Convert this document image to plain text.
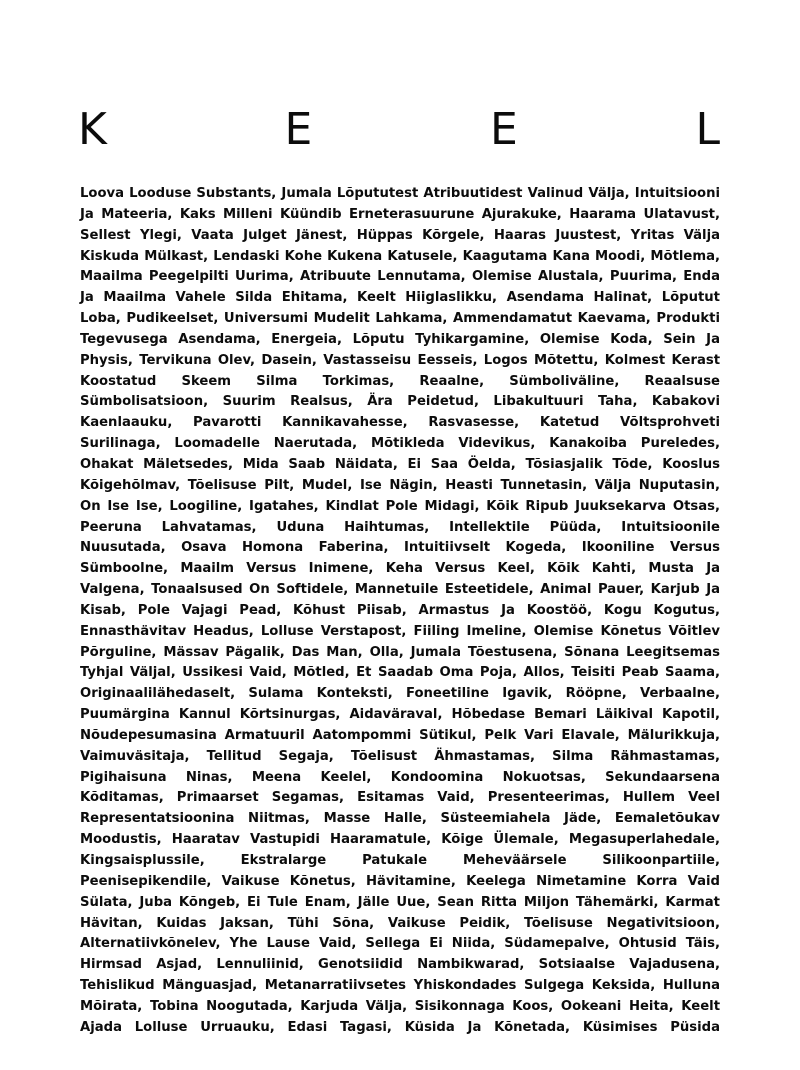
K	E	E	L
Loova Looduse Substants, Jumala Lõpututest Atribuutidest Valinud Välja, Intuitsiooni
Ja Mateeria, Kaks Milleni Küündib Erneterasuurune Ajurakuke, Haarama Ulatavust,
Sellest Ylegi, Vaata Julget Jänest, Hüppas Kõrgele, Haaras Juustest, Yritas Välja
Kiskuda Mülkast, Lendaski Kohe Kukena Katusele, Kaagutama Kana Moodi, Mõtlema,
Maailma Peegelpilti Uurima, Atribuute Lennutama, Olemise Alustala, Puurima, Enda
Ja Maailma Vahele Silda Ehitama, Keelt Hiiglaslikku, Asendama Halinat, Lõputut
Loba, Pudikeelset, Universumi Mudelit Lahkama, Ammendamatut Kaevama, Produkti
Tegevusega Asendama, Energeia, Lõputu Tyhikargamine, Olemise Koda, Sein Ja
Physis, Tervikuna Olev, Dasein, Vastasseisu Eesseis, Logos Mõtettu, Kolmest Kerast
Koostatud Skeem Silma Torkimas, Reaalne, Sümboliväline, Reaalsuse
Sümbolisatsioon, Suurim Realsus, Ära Peidetud, Libakultuuri Taha, Kabakovi
Kaenlaauku, Pavarotti Kannikavahesse, Rasvasesse, Katetud Võltsprohveti
Surilinaga, Loomadelle Naerutada, Mõtikleda Videvikus, Kanakoiba Pureledes,
Ohakat Mäletsedes, Mida Saab Näidata, Ei Saa Öelda, Tõsiasjalik Tõde, Kooslus
Kõigehõlmav, Tõelisuse Pilt, Mudel, Ise Nägin, Heasti Tunnetasin, Välja Nuputasin,
On Ise Ise, Loogiline, Igatahes, Kindlat Pole Midagi, Kõik Ripub Juuksekarva Otsas,
Peeruna Lahvatamas, Uduna Haihtumas, Intellektile Püüda, Intuitsioonile
Nuusutada, Osava Homona Faberina, Intuitiivselt Kogeda, Ikooniline Versus
Sümboolne, Maailm Versus Inimene, Keha Versus Keel, Kõik Kahti, Musta Ja
Valgena, Tonaalsused On Softidele, Mannetuile Esteetidele, Animal Pauer, Karjub Ja
Kisab, Pole Vajagi Pead, Kõhust Piisab, Armastus Ja Koostöö, Kogu Kogutus,
Ennasthävitav Headus, Lolluse Verstapost, Fiiling Imeline, Olemise Kõnetus Võitlev
Põrguline, Mässav Pägalik, Das Man, Olla, Jumala Tõestusena, Sõnana Leegitsemas
Tyhjal Väljal, Ussikesi Vaid, Mõtled, Et Saadab Oma Poja, Allos, Teisiti Peab Saama,
Originaalilähedaselt, Sulama Konteksti, Foneetiline Igavik, Rööpne, Verbaalne,
Puumärgina Kannul Kõrtsinurgas, Aidaväraval, Hõbedase Bemari Läikival Kapotil,
Nõudepesumasina Armatuuril Aatompommi Sütikul, Pelk Vari Elavale, Mälurikkuja,
Vaimuväsitaja, Tellitud Segaja, Tõelisust Ähmastamas, Silma Rähmastamas,
Pigihaisuna Ninas, Meena Keelel, Kondoomina Nokuotsas, Sekundaarsena
Kõditamas, Primaarset Segamas, Esitamas Vaid, Presenteerimas, Hullem Veel
Representatsioonina Niitmas, Masse Halle, Süsteemiahela Jäde, Eemaletõukav
Moodustis, Haaratav Vastupidi Haaramatule, Kõige Ülemale, Megasuperlahedale,
Kingsaisplussile, Ekstralarge Patukale Meheväärsele Silikoonpartiile,
Peenisepikendile, Vaikuse Kõnetus, Hävitamine, Keelega Nimetamine Korra Vaid
Sülata, Juba Kõngeb, Ei Tule Enam, Jälle Uue, Sean Ritta Miljon Tähemärki, Karmat
Hävitan, Kuidas Jaksan, Tühi Sõna, Vaikuse Peidik, Tõelisuse Negativitsioon,
Alternatiivkõnelev, Yhe Lause Vaid, Sellega Ei Niida, Südamepalve, Ohtusid Täis,
Hirmsad Asjad, Lennuliinid, Genotsiidid Nambikwarad, Sotsiaalse Vajadusena,
Tehislikud Mänguasjad, Metanarratiivsetes Yhiskondades Sulgega Keksida, Hulluna
Mõirata, Tobina Noogutada, Karjuda Välja, Sisikonnaga Koos, Ookeani Heita, Keelt
Ajada Lolluse Urruauku, Edasi Tagasi, Küsida Ja Kõnetada, Küsimises Püsida
